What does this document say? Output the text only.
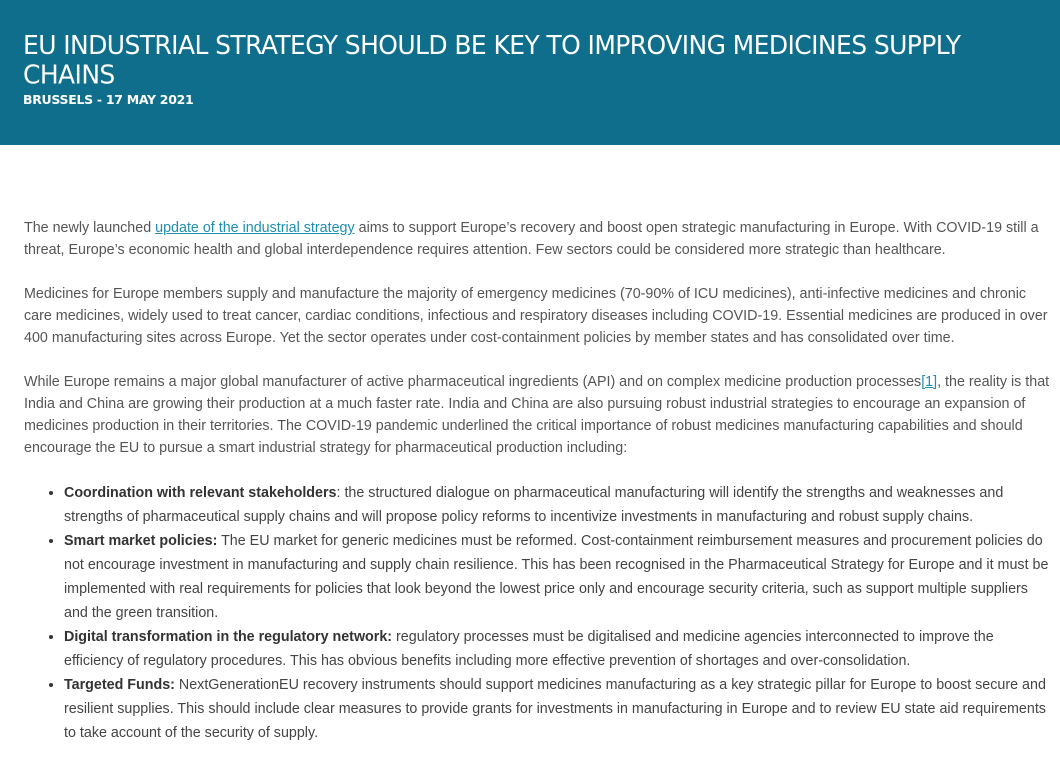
EU INDUSTRIAL STRATEGY SHOULD BE KEY TO IMPROVING MEDICINES SUPPLY CHAINS
BRUSSELS - 17 MAY 2021

The newly launched update of the industrial strategy aims to support Europe’s recovery and boost open strategic manufacturing in Europe. With COVID-19 still a threat, Europe’s economic health and global interdependence requires attention. Few sectors could be considered more strategic than healthcare.

Medicines for Europe members supply and manufacture the majority of emergency medicines (70-90% of ICU medicines), anti-infective medicines and chronic care medicines, widely used to treat cancer, cardiac conditions, infectious and respiratory diseases including COVID-19. Essential medicines are produced in over 400 manufacturing sites across Europe. Yet the sector operates under cost-containment policies by member states and has consolidated over time.

While Europe remains a major global manufacturer of active pharmaceutical ingredients (API) and on complex medicine production processes[1], the reality is that India and China are growing their production at a much faster rate. India and China are also pursuing robust industrial strategies to encourage an expansion of medicines production in their territories. The COVID-19 pandemic underlined the critical importance of robust medicines manufacturing capabilities and should encourage the EU to pursue a smart industrial strategy for pharmaceutical production including:

• Coordination with relevant stakeholders: the structured dialogue on pharmaceutical manufacturing will identify the strengths and weaknesses and strengths of pharmaceutical supply chains and will propose policy reforms to incentivize investments in manufacturing and robust supply chains.
• Smart market policies: The EU market for generic medicines must be reformed. Cost-containment reimbursement measures and procurement policies do not encourage investment in manufacturing and supply chain resilience. This has been recognised in the Pharmaceutical Strategy for Europe and it must be implemented with real requirements for policies that look beyond the lowest price only and encourage security criteria, such as support multiple suppliers and the green transition.
• Digital transformation in the regulatory network: regulatory processes must be digitalised and medicine agencies interconnected to improve the efficiency of regulatory procedures. This has obvious benefits including more effective prevention of shortages and over-consolidation.
• Targeted Funds: NextGenerationEU recovery instruments should support medicines manufacturing as a key strategic pillar for Europe to boost secure and resilient supplies. This should include clear measures to provide grants for investments in manufacturing in Europe and to review EU state aid requirements to take account of the security of supply.
